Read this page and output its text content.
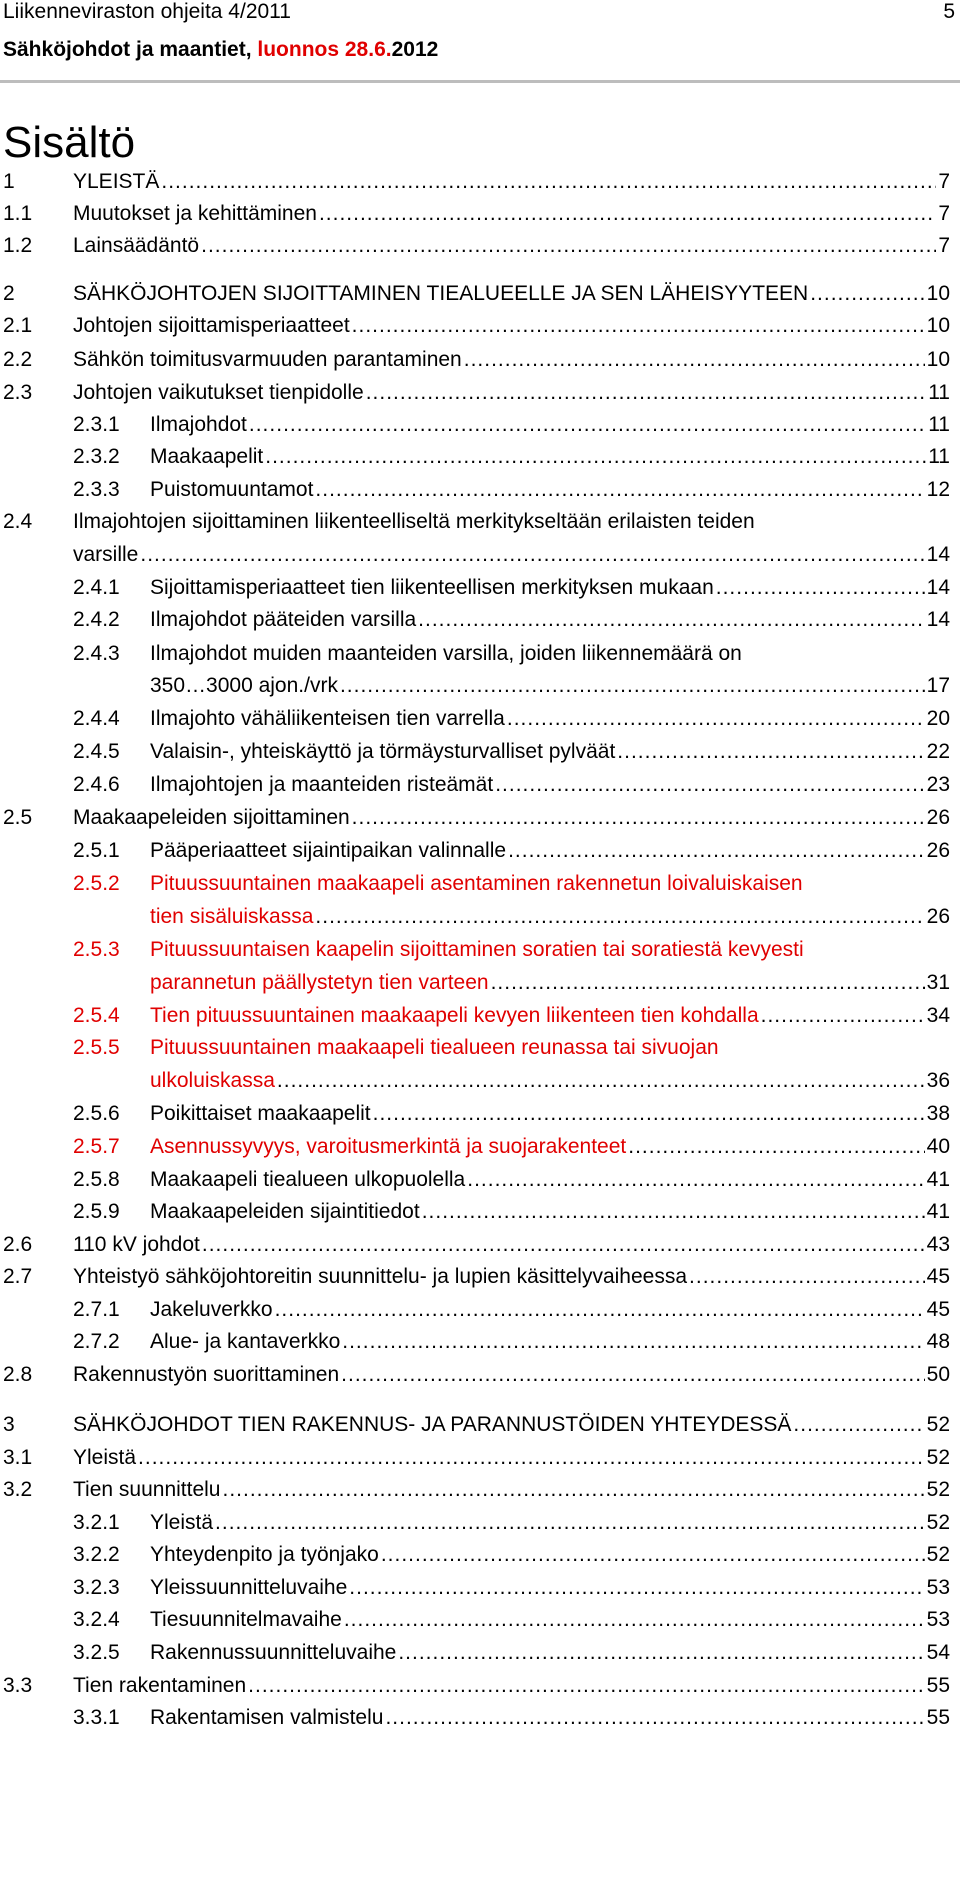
Liikenneviraston ohjeita 4/2011	5
Sähköjohdot ja maantiet, luonnos 28.6.2012
Sisältö
1	YLEISTÄ .....	7
1.1 Muutokset ja kehittäminen .....	7
1.2 Lainsäädäntö .....	7
2	SÄHKÖJOHTOJEN SIJOITTAMINEN TIEALUEELLE JA SEN LÄHEISYYTEEN .....	10
2.1 Johtojen sijoittamisperiaatteet .....	10
2.2 Sähkön toimitusvarmuuden parantaminen .....	10
2.3 Johtojen vaikutukset tienpidolle .....	11
2.3.1 Ilmajohdot .....	11
2.3.2 Maakaapelit .....	11
2.3.3 Puistomuuntamot .....	12
2.4 Ilmajohtojen sijoittaminen liikenteelliseltä merkitykseltään erilaisten teiden
varsille .....	14
2.4.1 Sijoittamisperiaatteet tien liikenteellisen merkityksen mukaan .....	14
2.4.2 Ilmajohdot pääteiden varsilla .....	14
2.4.3 Ilmajohdot muiden maanteiden varsilla, joiden liikennemäärä on
350…3000 ajon./vrk .....	17
2.4.4 Ilmajohto vähäliikenteisen tien varrella .....	20
2.4.5 Valaisin-, yhteiskäyttö ja törmäysturvalliset pylväät .....	22
2.4.6 Ilmajohtojen ja maanteiden risteämät .....	23
2.5 Maakaapeleiden sijoittaminen .....	26
2.5.1 Pääperiaatteet sijaintipaikan valinnalle .....	26
2.5.2 Pituussuuntainen maakaapeli asentaminen rakennetun loivaluiskaisen
tien sisäluiskassa .....	26
2.5.3 Pituussuuntaisen kaapelin sijoittaminen soratien tai soratiestä kevyesti
parannetun päällystetyn tien varteen .....	31
2.5.4 Tien pituussuuntainen maakaapeli kevyen liikenteen tien kohdalla .....	34
2.5.5 Pituussuuntainen maakaapeli tiealueen reunassa tai sivuojan
ulkoluiskassa .....	36
2.5.6 Poikittaiset maakaapelit .....	38
2.5.7 Asennussyvyys, varoitusmerkintä ja suojarakenteet .....	40
2.5.8 Maakaapeli tiealueen ulkopuolella .....	41
2.5.9 Maakaapeleiden sijaintitiedot .....	41
2.6 110 kV johdot .....	43
2.7 Yhteistyö sähköjohtoreitin suunnittelu- ja lupien käsittelyvaiheessa .....	45
2.7.1 Jakeluverkko .....	45
2.7.2 Alue- ja kantaverkko .....	48
2.8 Rakennustyön suorittaminen .....	50
3	SÄHKÖJOHDOT TIEN RAKENNUS- JA PARANNUSTÖIDEN YHTEYDESSÄ .....	52
3.1 Yleistä .....	52
3.2 Tien suunnittelu .....	52
3.2.1 Yleistä .....	52
3.2.2 Yhteydenpito ja työnjako .....	52
3.2.3 Yleissuunnitteluvaihe .....	53
3.2.4 Tiesuunnitelmavaihe .....	53
3.2.5 Rakennussuunnitteluvaihe .....	54
3.3 Tien rakentaminen .....	55
3.3.1 Rakentamisen valmistelu .....	55
